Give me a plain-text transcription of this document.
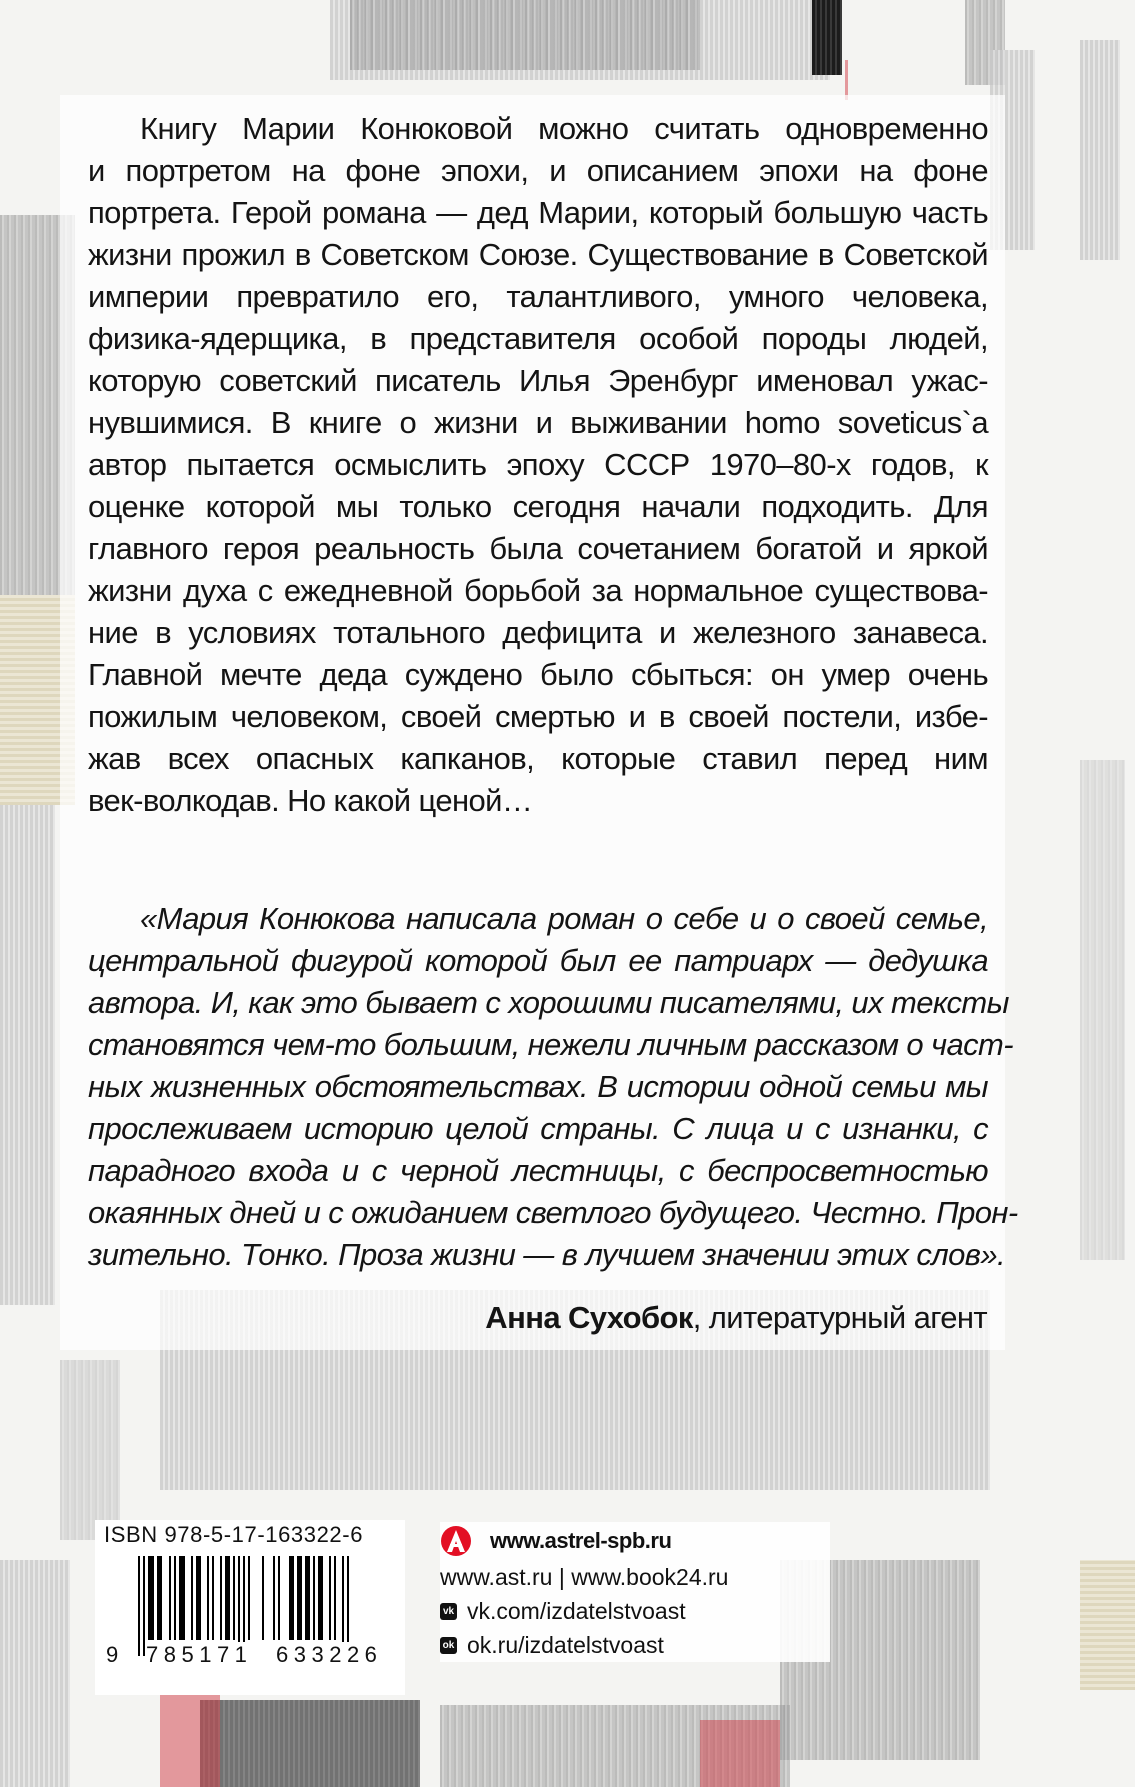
Книгу Марии Конюковой можно считать одновременно
и портретом на фоне эпохи, и описанием эпохи на фоне
портрета. Герой романа — дед Марии, который большую часть
жизни прожил в Советском Союзе. Существование в Советской
империи превратило его, талантливого, умного человека,
физика-ядерщика, в представителя особой породы людей,
которую советский писатель Илья Эренбург именовал ужас-
нувшимися. В книге о жизни и выживании homo soveticus`a
автор пытается осмыслить эпоху СССР 1970–80-х годов, к
оценке которой мы только сегодня начали подходить. Для
главного героя реальность была сочетанием богатой и яркой
жизни духа с ежедневной борьбой за нормальное существова-
ние в условиях тотального дефицита и железного занавеса.
Главной мечте деда суждено было сбыться: он умер очень
пожилым человеком, своей смертью и в своей постели, избе-
жав всех опасных капканов, которые ставил перед ним
век-волкодав. Но какой ценой…
«Мария Конюкова написала роман о себе и о своей семье,
центральной фигурой которой был ее патриарх — дедушка
автора. И, как это бывает с хорошими писателями, их тексты
становятся чем-то большим, нежели личным рассказом о част-
ных жизненных обстоятельствах. В истории одной семьи мы
прослеживаем историю целой страны. С лица и с изнанки, с
парадного входа и с черной лестницы, с беспросветностью
окаянных дней и с ожиданием светлого будущего. Честно. Прон-
зительно. Тонко. Проза жизни — в лучшем значении этих слов».
Анна Сухобок, литературный агент
ISBN 978-5-17-163322-6
9 785171 633226
www.astrel-spb.ru
www.ast.ru | www.book24.ru
vk vk.com/izdatelstvoast
ok ok.ru/izdatelstvoast
